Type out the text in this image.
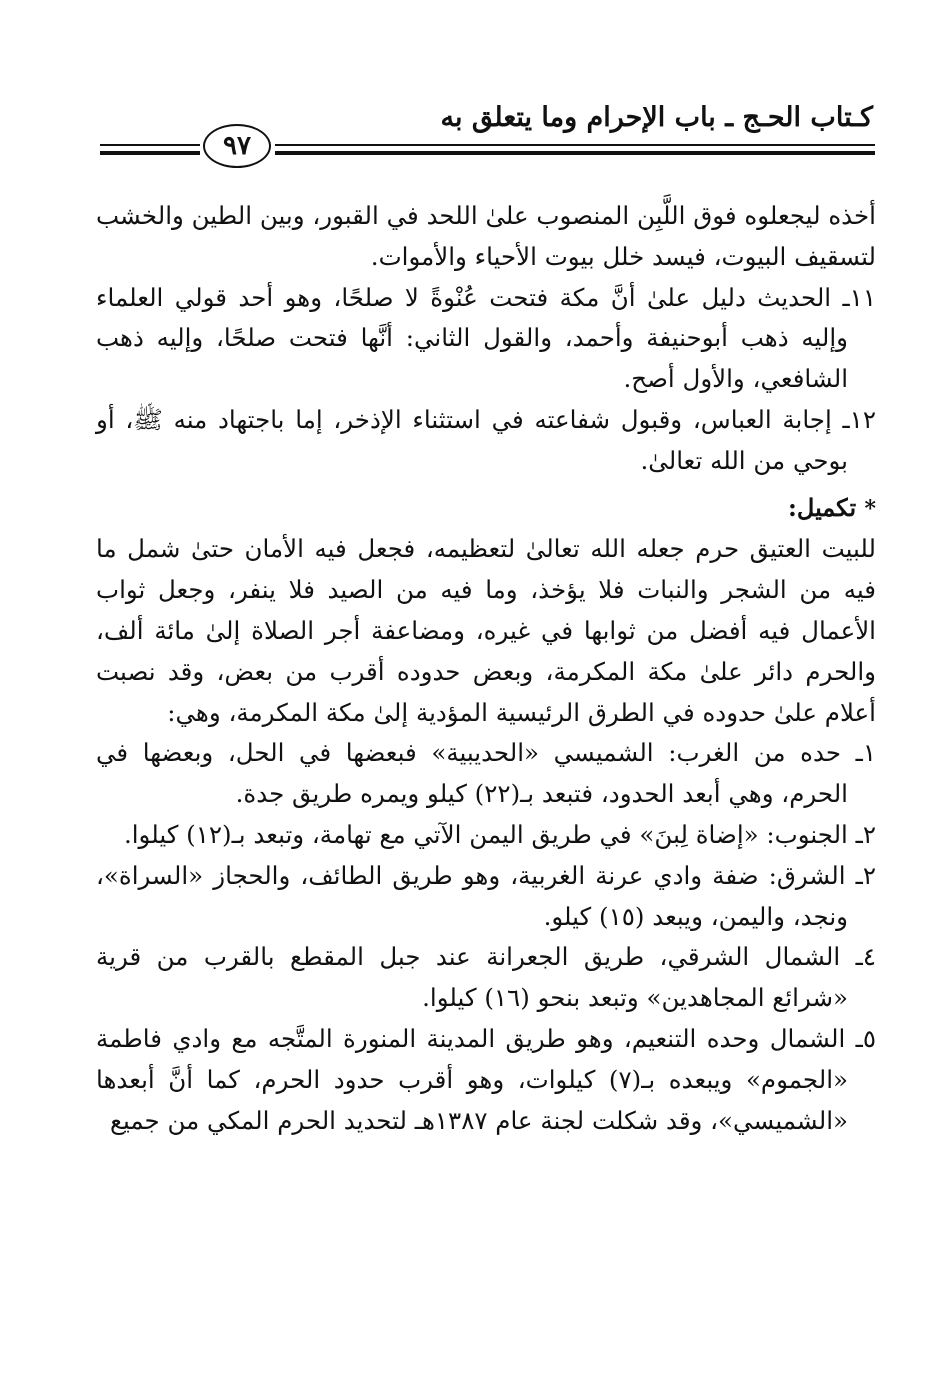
كـتاب الحـج ـ باب الإحرام وما يتعلق به
٩٧

أخذه ليجعلوه فوق اللَّبِن المنصوب علىٰ اللحد في القبور، وبين الطين والخشب لتسقيف البيوت، فيسد خلل بيوت الأحياء والأموات.

١١ـ الحديث دليل علىٰ أنَّ مكة فتحت عُنْوةً لا صلحًا، وهو أحد قولي العلماء وإليه ذهب أبوحنيفة وأحمد، والقول الثاني: أنَّها فتحت صلحًا، وإليه ذهب الشافعي، والأول أصح.

١٢ـ إجابة العباس، وقبول شفاعته في استثناء الإذخر، إما باجتهاد منه ﷺ، أو بوحي من الله تعالىٰ.

* تكميل:

للبيت العتيق حرم جعله الله تعالىٰ لتعظيمه، فجعل فيه الأمان حتىٰ شمل ما فيه من الشجر والنبات فلا يؤخذ، وما فيه من الصيد فلا ينفر، وجعل ثواب الأعمال فيه أفضل من ثوابها في غيره، ومضاعفة أجر الصلاة إلىٰ مائة ألف، والحرم دائر علىٰ مكة المكرمة، وبعض حدوده أقرب من بعض، وقد نصبت أعلام علىٰ حدوده في الطرق الرئيسية المؤدية إلىٰ مكة المكرمة، وهي:

١ـ حده من الغرب: الشميسي «الحديبية» فبعضها في الحل، وبعضها في الحرم، وهي أبعد الحدود، فتبعد بـ(٢٢) كيلو ويمره طريق جدة.

٢ـ الجنوب: «إضاة لِبنَ» في طريق اليمن الآتي مع تهامة، وتبعد بـ(١٢) كيلوا.

٢ـ الشرق: ضفة وادي عرنة الغربية، وهو طريق الطائف، والحجاز «السراة»، ونجد، واليمن، ويبعد (١٥) كيلو.

٤ـ الشمال الشرقي، طريق الجعرانة عند جبل المقطع بالقرب من قرية «شرائع المجاهدين» وتبعد بنحو (١٦) كيلوا.

٥ـ الشمال وحده التنعيم، وهو طريق المدينة المنورة المتَّجه مع وادي فاطمة «الجموم» ويبعده بـ(٧) كيلوات، وهو أقرب حدود الحرم، كما أنَّ أبعدها «الشميسي»، وقد شكلت لجنة عام ١٣٨٧هـ لتحديد الحرم المكي من جميع
